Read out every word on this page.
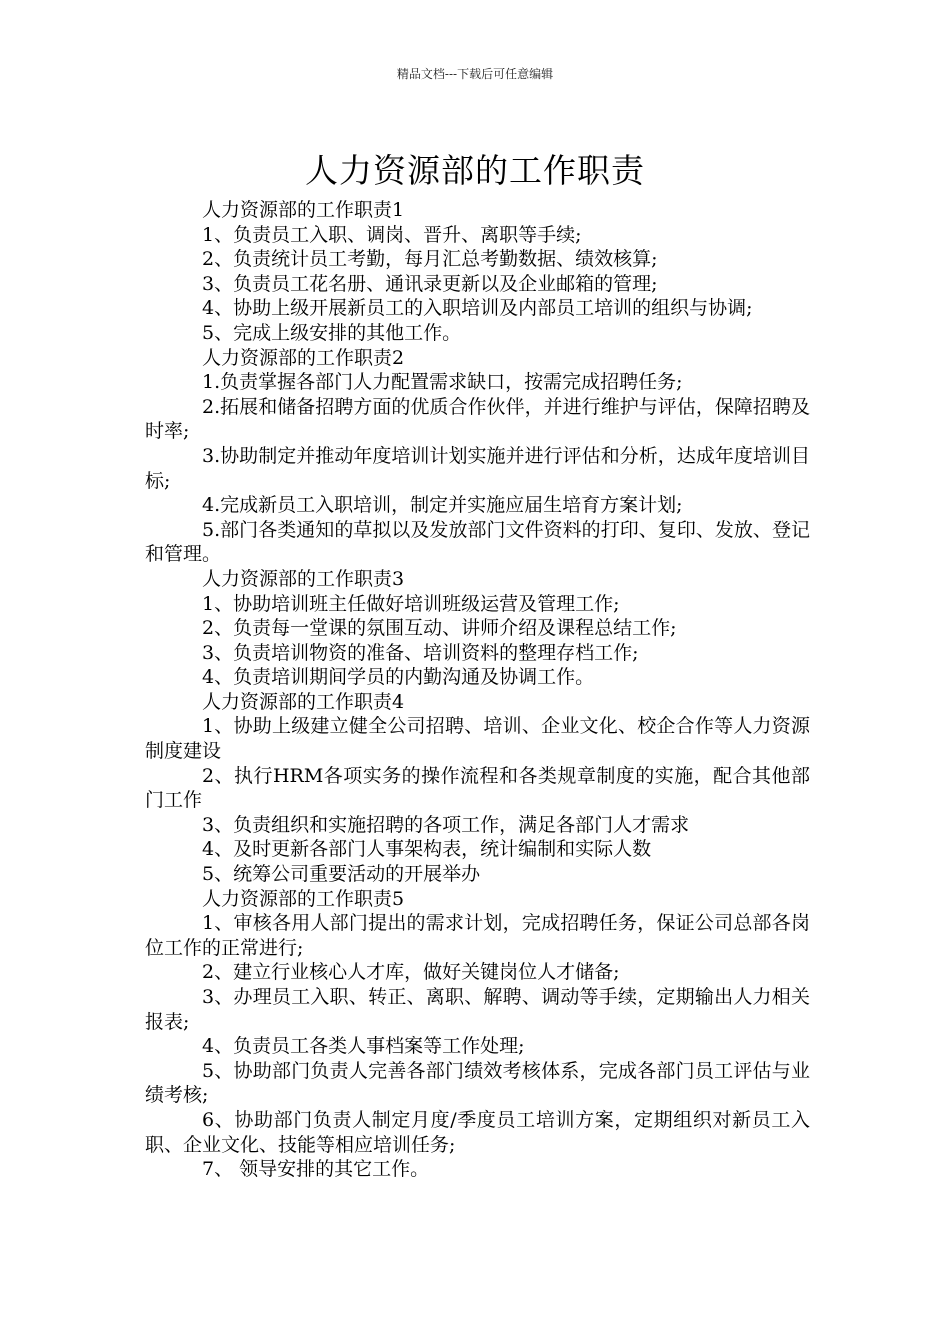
精品文档---下载后可任意编辑
人力资源部的工作职责

人力资源部的工作职责1

1、负责员工入职、调岗、晋升、离职等手续;

2、负责统计员工考勤，每月汇总考勤数据、绩效核算;

3、负责员工花名册、通讯录更新以及企业邮箱的管理;

4、协助上级开展新员工的入职培训及内部员工培训的组织与协调;

5、完成上级安排的其他工作。

人力资源部的工作职责2

1.负责掌握各部门人力配置需求缺口，按需完成招聘任务;

2.拓展和储备招聘方面的优质合作伙伴，并进行维护与评估，保障招聘及时率;

3.协助制定并推动年度培训计划实施并进行评估和分析，达成年度培训目标;

4.完成新员工入职培训，制定并实施应届生培育方案计划;

5.部门各类通知的草拟以及发放部门文件资料的打印、复印、发放、登记和管理。

人力资源部的工作职责3

1、协助培训班主任做好培训班级运营及管理工作;

2、负责每一堂课的氛围互动、讲师介绍及课程总结工作;

3、负责培训物资的准备、培训资料的整理存档工作;

4、负责培训期间学员的内勤沟通及协调工作。

人力资源部的工作职责4

1、协助上级建立健全公司招聘、培训、企业文化、校企合作等人力资源制度建设

2、执行HRM各项实务的操作流程和各类规章制度的实施，配合其他部门工作

3、负责组织和实施招聘的各项工作，满足各部门人才需求

4、及时更新各部门人事架构表，统计编制和实际人数

5、统筹公司重要活动的开展举办

人力资源部的工作职责5

1、审核各用人部门提出的需求计划，完成招聘任务，保证公司总部各岗位工作的正常进行;

2、建立行业核心人才库，做好关键岗位人才储备;

3、办理员工入职、转正、离职、解聘、调动等手续，定期输出人力相关报表;

4、负责员工各类人事档案等工作处理;

5、协助部门负责人完善各部门绩效考核体系，完成各部门员工评估与业绩考核;

6、协助部门负责人制定月度/季度员工培训方案，定期组织对新员工入职、企业文化、技能等相应培训任务;

7、 领导安排的其它工作。
